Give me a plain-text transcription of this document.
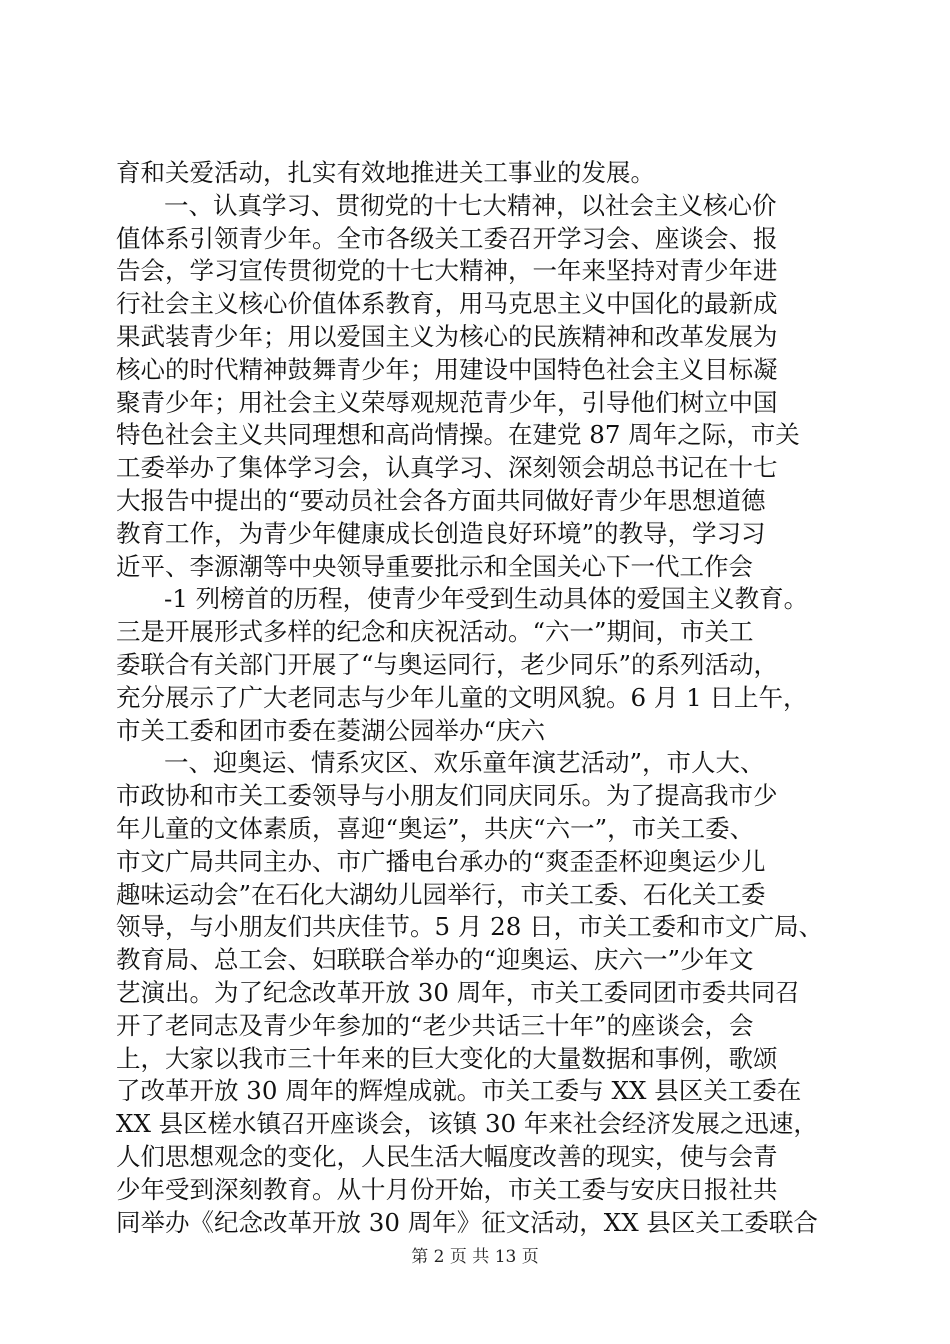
育和关爱活动，扎实有效地推进关工事业的发展。
一、认真学习、贯彻党的十七大精神，以社会主义核心价
值体系引领青少年。全市各级关工委召开学习会、座谈会、报
告会，学习宣传贯彻党的十七大精神，一年来坚持对青少年进
行社会主义核心价值体系教育，用马克思主义中国化的最新成
果武装青少年；用以爱国主义为核心的民族精神和改革发展为
核心的时代精神鼓舞青少年；用建设中国特色社会主义目标凝
聚青少年；用社会主义荣辱观规范青少年，引导他们树立中国
特色社会主义共同理想和高尚情操。在建党 87 周年之际，市关
工委举办了集体学习会，认真学习、深刻领会胡总书记在十七
大报告中提出的“要动员社会各方面共同做好青少年思想道德
教育工作，为青少年健康成长创造良好环境”的教导，学习习
近平、李源潮等中央领导重要批示和全国关心下一代工作会
-1 列榜首的历程，使青少年受到生动具体的爱国主义教育。
三是开展形式多样的纪念和庆祝活动。“六一”期间，市关工
委联合有关部门开展了“与奥运同行，老少同乐”的系列活动，
充分展示了广大老同志与少年儿童的文明风貌。6 月 1 日上午，
市关工委和团市委在菱湖公园举办“庆六
一、迎奥运、情系灾区、欢乐童年演艺活动”，市人大、
市政协和市关工委领导与小朋友们同庆同乐。为了提高我市少
年儿童的文体素质，喜迎“奥运”，共庆“六一”，市关工委、
市文广局共同主办、市广播电台承办的“爽歪歪杯迎奥运少儿
趣味运动会”在石化大湖幼儿园举行，市关工委、石化关工委
领导，与小朋友们共庆佳节。5 月 28 日，市关工委和市文广局、
教育局、总工会、妇联联合举办的“迎奥运、庆六一”少年文
艺演出。为了纪念改革开放 30 周年，市关工委同团市委共同召
开了老同志及青少年参加的“老少共话三十年”的座谈会，会
上，大家以我市三十年来的巨大变化的大量数据和事例，歌颂
了改革开放 30 周年的辉煌成就。市关工委与 XX 县区关工委在
XX 县区槎水镇召开座谈会，该镇 30 年来社会经济发展之迅速，
人们思想观念的变化，人民生活大幅度改善的现实，使与会青
少年受到深刻教育。从十月份开始，市关工委与安庆日报社共
同举办《纪念改革开放 30 周年》征文活动，XX 县区关工委联合
第 2 页 共 13 页
